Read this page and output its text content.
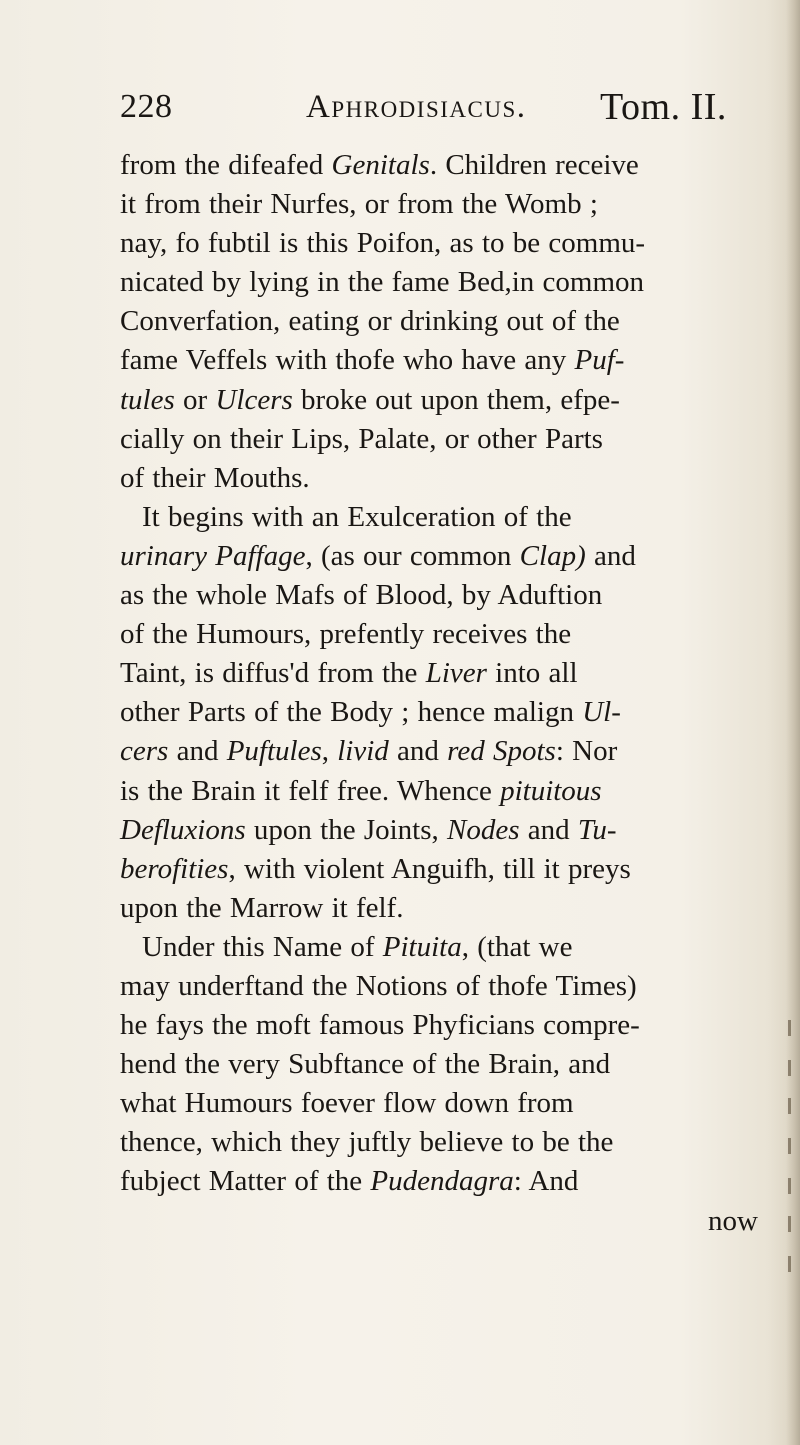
228	Aphrodisiacus. Tom. II.
from the difeafed Genitals. Children receive
it from their Nurfes, or from the Womb ;
nay, fo fubtil is this Poifon, as to be commu-
nicated by lying in the fame Bed,in common
Converfation, eating or drinking out of the
fame Veffels with thofe who have any Puf-
tules or Ulcers broke out upon them, efpe-
cially on their Lips, Palate, or other Parts
of their Mouths.
It begins with an Exulceration of the
urinary Paffage, (as our common Clap) and
as the whole Mafs of Blood, by Aduftion
of the Humours, prefently receives the
Taint, is diffus'd from the Liver into all
other Parts of the Body ; hence malign Ul-
cers and Puftules, livid and red Spots: Nor
is the Brain it felf free. Whence pituitous
Defluxions upon the Joints, Nodes and Tu-
berofities, with violent Anguifh, till it preys
upon the Marrow it felf.
Under this Name of Pituita, (that we
may underftand the Notions of thofe Times)
he fays the moft famous Phyficians compre-
hend the very Subftance of the Brain, and
what Humours foever flow down from
thence, which they juftly believe to be the
fubject Matter of the Pudendagra: And
now
